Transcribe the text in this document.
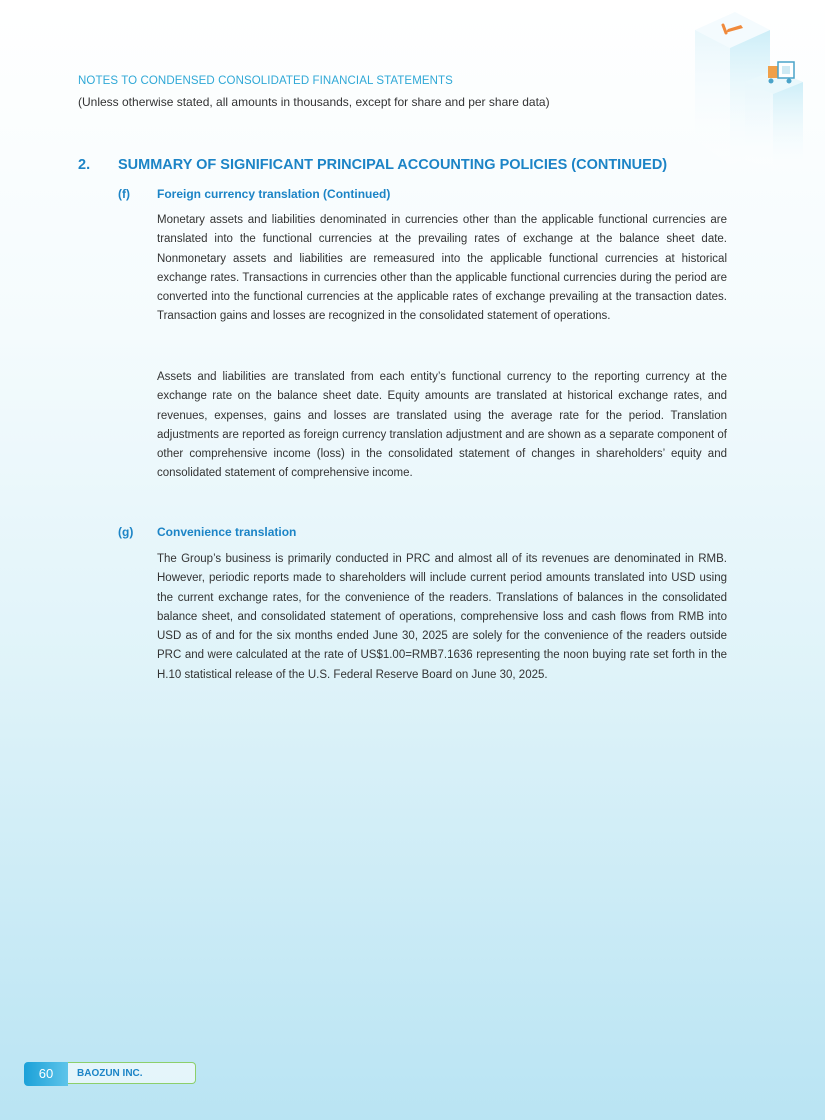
NOTES TO CONDENSED CONSOLIDATED FINANCIAL STATEMENTS
(Unless otherwise stated, all amounts in thousands, except for share and per share data)
2. SUMMARY OF SIGNIFICANT PRINCIPAL ACCOUNTING POLICIES (CONTINUED)
(f) Foreign currency translation (Continued)

Monetary assets and liabilities denominated in currencies other than the applicable functional currencies are translated into the functional currencies at the prevailing rates of exchange at the balance sheet date. Nonmonetary assets and liabilities are remeasured into the applicable functional currencies at historical exchange rates. Transactions in currencies other than the applicable functional currencies during the period are converted into the functional currencies at the applicable rates of exchange prevailing at the transaction dates. Transaction gains and losses are recognized in the consolidated statement of operations.

Assets and liabilities are translated from each entity’s functional currency to the reporting currency at the exchange rate on the balance sheet date. Equity amounts are translated at historical exchange rates, and revenues, expenses, gains and losses are translated using the average rate for the period. Translation adjustments are reported as foreign currency translation adjustment and are shown as a separate component of other comprehensive income (loss) in the consolidated statement of changes in shareholders’ equity and consolidated statement of comprehensive income.

(g) Convenience translation

The Group’s business is primarily conducted in PRC and almost all of its revenues are denominated in RMB. However, periodic reports made to shareholders will include current period amounts translated into USD using the current exchange rates, for the convenience of the readers. Translations of balances in the consolidated balance sheet, and consolidated statement of operations, comprehensive loss and cash flows from RMB into USD as of and for the six months ended June 30, 2025 are solely for the convenience of the readers outside PRC and were calculated at the rate of US$1.00=RMB7.1636 representing the noon buying rate set forth in the H.10 statistical release of the U.S. Federal Reserve Board on June 30, 2025.

60	BAOZUN INC.
